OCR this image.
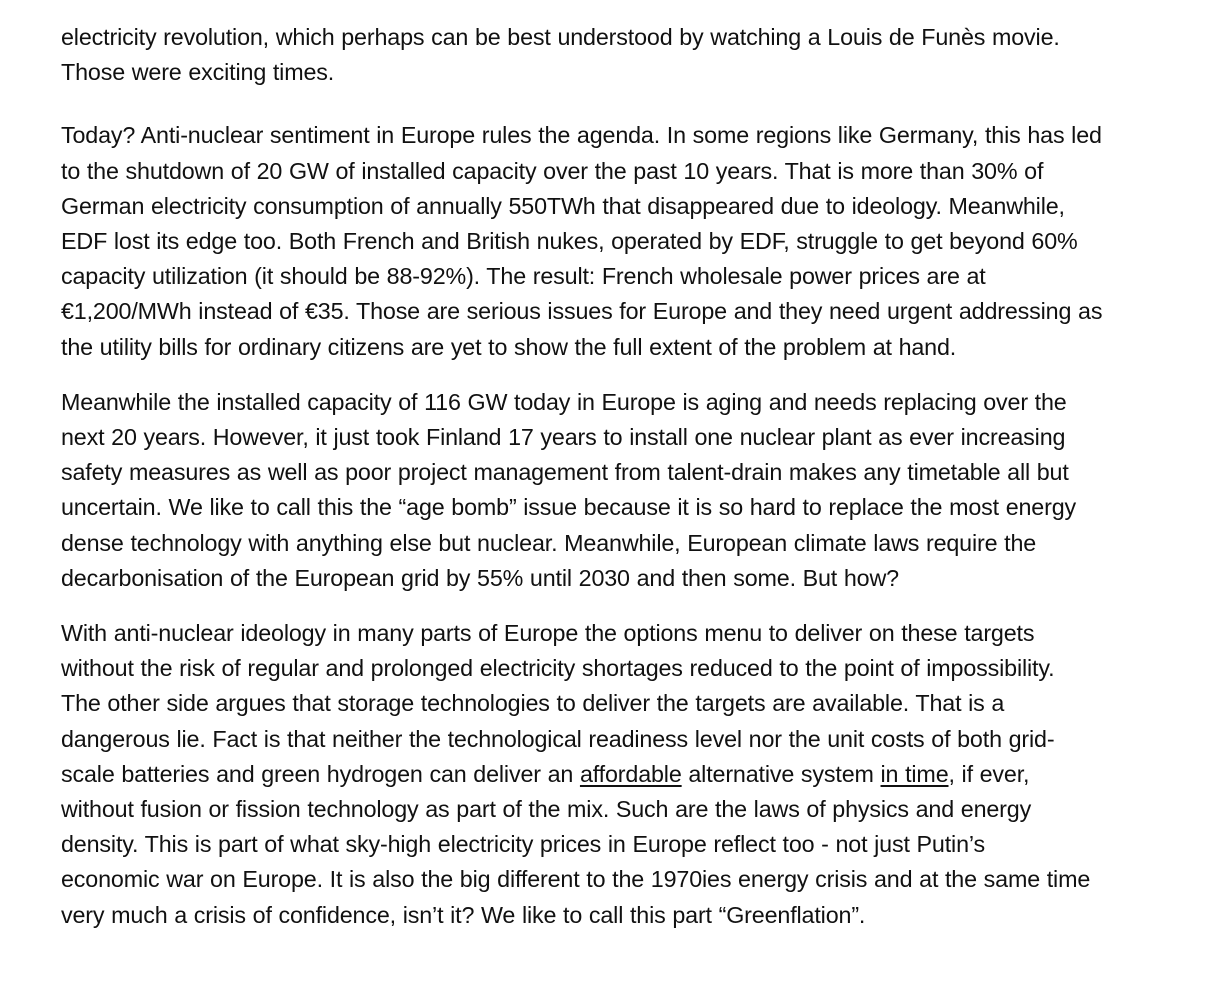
electricity revolution, which perhaps can be best understood by watching a Louis de Funès movie.
Those were exciting times.

Today? Anti-nuclear sentiment in Europe rules the agenda. In some regions like Germany, this has led
to the shutdown of 20 GW of installed capacity over the past 10 years. That is more than 30% of
German electricity consumption of annually 550TWh that disappeared due to ideology. Meanwhile,
EDF lost its edge too. Both French and British nukes, operated by EDF, struggle to get beyond 60%
capacity utilization (it should be 88-92%). The result: French wholesale power prices are at
€1,200/MWh instead of €35. Those are serious issues for Europe and they need urgent addressing as
the utility bills for ordinary citizens are yet to show the full extent of the problem at hand.

Meanwhile the installed capacity of 116 GW today in Europe is aging and needs replacing over the
next 20 years. However, it just took Finland 17 years to install one nuclear plant as ever increasing
safety measures as well as poor project management from talent-drain makes any timetable all but
uncertain. We like to call this the “age bomb” issue because it is so hard to replace the most energy
dense technology with anything else but nuclear. Meanwhile, European climate laws require the
decarbonisation of the European grid by 55% until 2030 and then some. But how?

With anti-nuclear ideology in many parts of Europe the options menu to deliver on these targets
without the risk of regular and prolonged electricity shortages reduced to the point of impossibility.
The other side argues that storage technologies to deliver the targets are available. That is a
dangerous lie. Fact is that neither the technological readiness level nor the unit costs of both grid-
scale batteries and green hydrogen can deliver an affordable alternative system in time, if ever,
without fusion or fission technology as part of the mix. Such are the laws of physics and energy
density. This is part of what sky-high electricity prices in Europe reflect too - not just Putin’s
economic war on Europe. It is also the big different to the 1970ies energy crisis and at the same time
very much a crisis of confidence, isn’t it? We like to call this part “Greenflation”.
